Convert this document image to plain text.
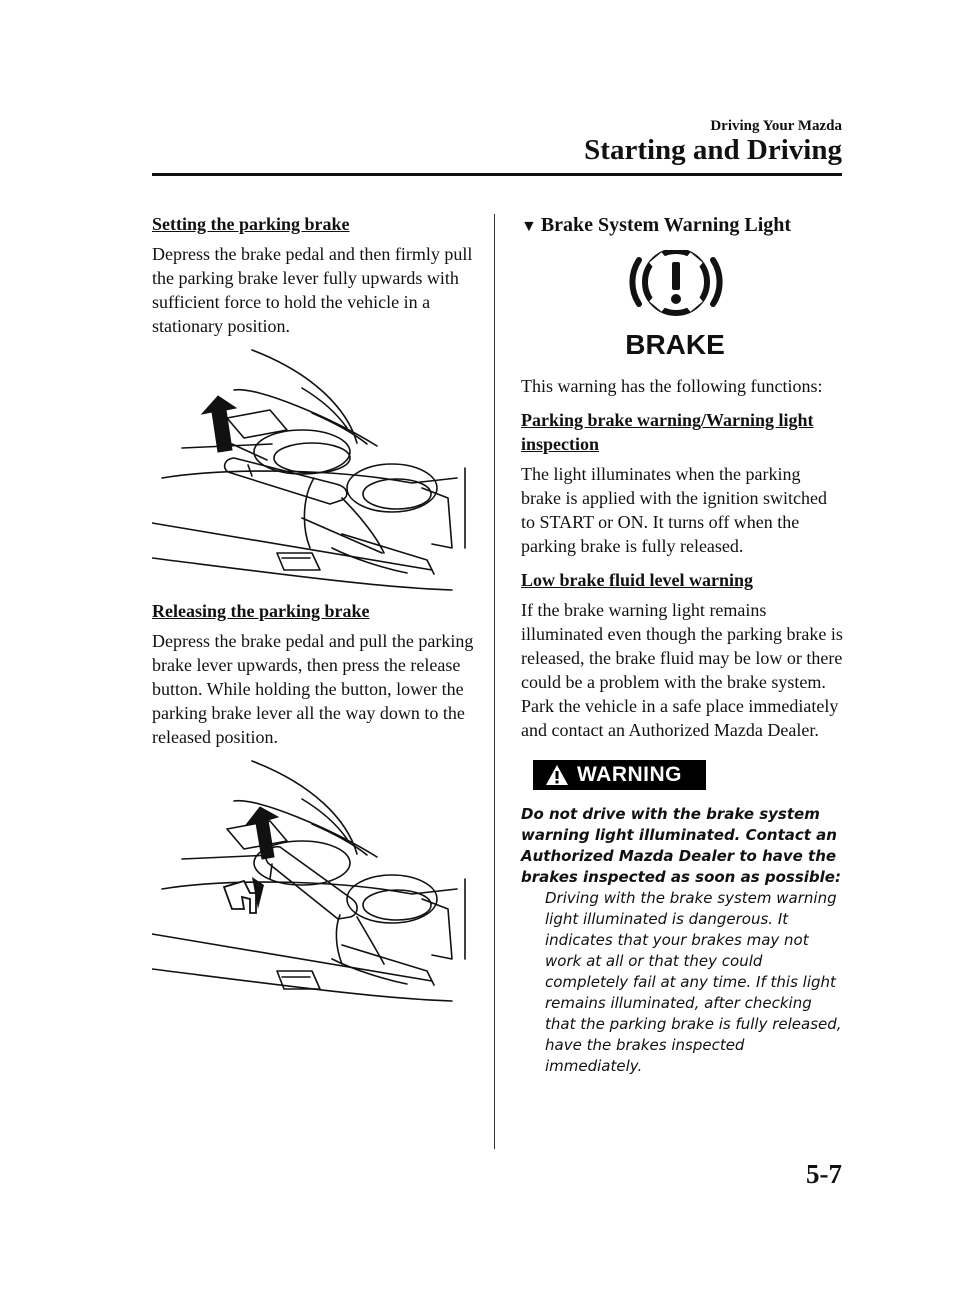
Driving Your Mazda
Starting and Driving

Setting the parking brake

Depress the brake pedal and then firmly pull the parking brake lever fully upwards with sufficient force to hold the vehicle in a stationary position.

Releasing the parking brake

Depress the brake pedal and pull the parking brake lever upwards, then press the release button. While holding the button, lower the parking brake lever all the way down to the released position.

▼ Brake System Warning Light

BRAKE

This warning has the following functions:

Parking brake warning/Warning light inspection

The light illuminates when the parking brake is applied with the ignition switched to START or ON. It turns off when the parking brake is fully released.

Low brake fluid level warning

If the brake warning light remains illuminated even though the parking brake is released, the brake fluid may be low or there could be a problem with the brake system. Park the vehicle in a safe place immediately and contact an Authorized Mazda Dealer.

WARNING

Do not drive with the brake system warning light illuminated. Contact an Authorized Mazda Dealer to have the brakes inspected as soon as possible:

Driving with the brake system warning light illuminated is dangerous. It indicates that your brakes may not work at all or that they could completely fail at any time. If this light remains illuminated, after checking that the parking brake is fully released, have the brakes inspected immediately.

5-7
